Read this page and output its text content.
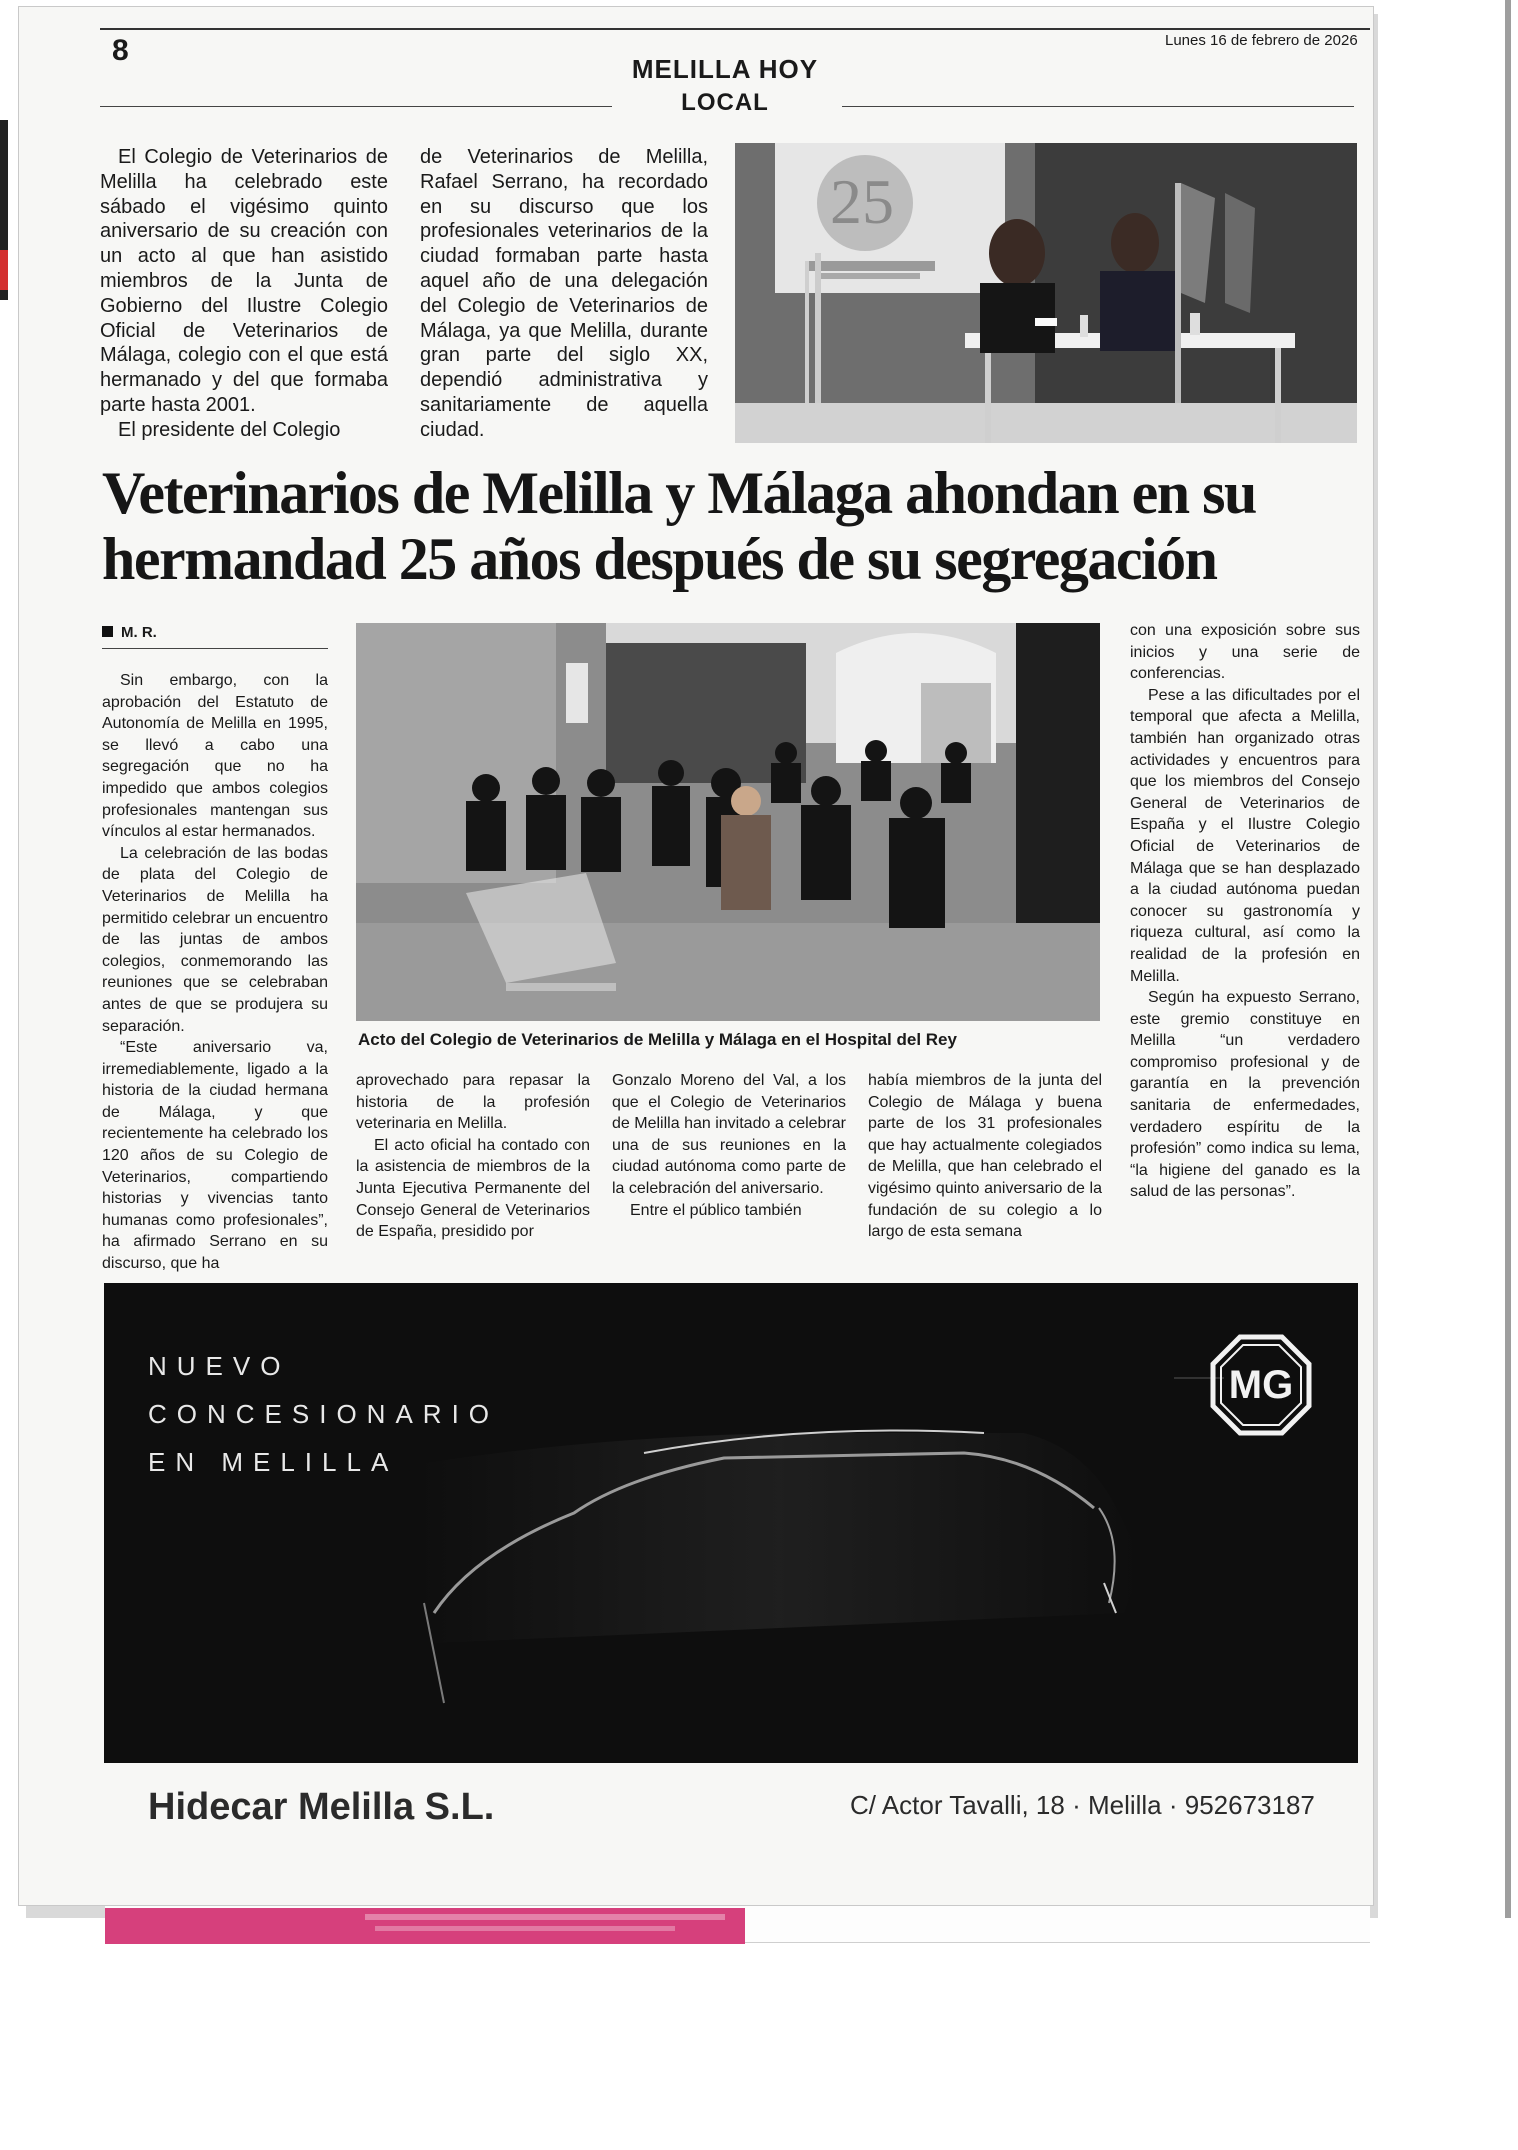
8	Lunes 16 de febrero de 2026
MELILLA HOY
LOCAL

El Colegio de Veterinarios de Melilla ha celebrado este sábado el vigésimo quinto aniversario de su creación con un acto al que han asistido miembros de la Junta de Gobierno del Ilustre Colegio Oficial de Veterinarios de Málaga, colegio con el que está hermanado y del que formaba parte hasta 2001.

El presidente del Colegio

de Veterinarios de Melilla, Rafael Serrano, ha recordado en su discurso que los profesionales veterinarios de la ciudad formaban parte hasta aquel año de una delegación del Colegio de Veterinarios de Málaga, ya que Melilla, durante gran parte del siglo XX, dependió administrativa y sanitariamente de aquella ciudad.

25
Veterinarios de Melilla y Málaga ahondan en su
hermandad 25 años después de su segregación
M. R.

Sin embargo, con la aprobación del Estatuto de Autonomía de Melilla en 1995, se llevó a cabo una segregación que no ha impedido que ambos colegios profesionales mantengan sus vínculos al estar hermanados.

La celebración de las bodas de plata del Colegio de Veterinarios de Melilla ha permitido celebrar un encuentro de las juntas de ambos colegios, conmemorando las reuniones que se celebraban antes de que se produjera su separación.

“Este aniversario va, irremediablemente, ligado a la historia de la ciudad hermana de Málaga, y que recientemente ha celebrado los 120 años de su Colegio de Veterinarios, compartiendo historias y vivencias tanto humanas como profesionales”, ha afirmado Serrano en su discurso, que ha

Acto del Colegio de Veterinarios de Melilla y Málaga en el Hospital del Rey

aprovechado para repasar la historia de la profesión veterinaria en Melilla.

El acto oficial ha contado con la asistencia de miembros de la Junta Ejecutiva Permanente del Consejo General de Veterinarios de España, presidido por

Gonzalo Moreno del Val, a los que el Colegio de Veterinarios de Melilla han invitado a celebrar una de sus reuniones en la ciudad autónoma como parte de la celebración del aniversario.

Entre el público también

había miembros de la junta del Colegio de Málaga y buena parte de los 31 profesionales que hay actualmente colegiados de Melilla, que han celebrado el vigésimo quinto aniversario de la fundación de su colegio a lo largo de esta semana

con una exposición sobre sus inicios y una serie de conferencias.

Pese a las dificultades por el temporal que afecta a Melilla, también han organizado otras actividades y encuentros para que los miembros del Consejo General de Veterinarios de España y el Ilustre Colegio Oficial de Veterinarios de Málaga que se han desplazado a la ciudad autónoma puedan conocer su gastronomía y riqueza cultural, así como la realidad de la profesión en Melilla.

Según ha expuesto Serrano, este gremio constituye en Melilla “un verdadero compromiso profesional y de garantía en la prevención sanitaria de enfermedades, verdadero espíritu de la profesión” como indica su lema, “la higiene del ganado es la salud de las personas”.

NUEVO
CONCESIONARIO
EN MELILLA
MG
Hidecar Melilla S.L.	C/ Actor Tavalli, 18 · Melilla · 952673187
